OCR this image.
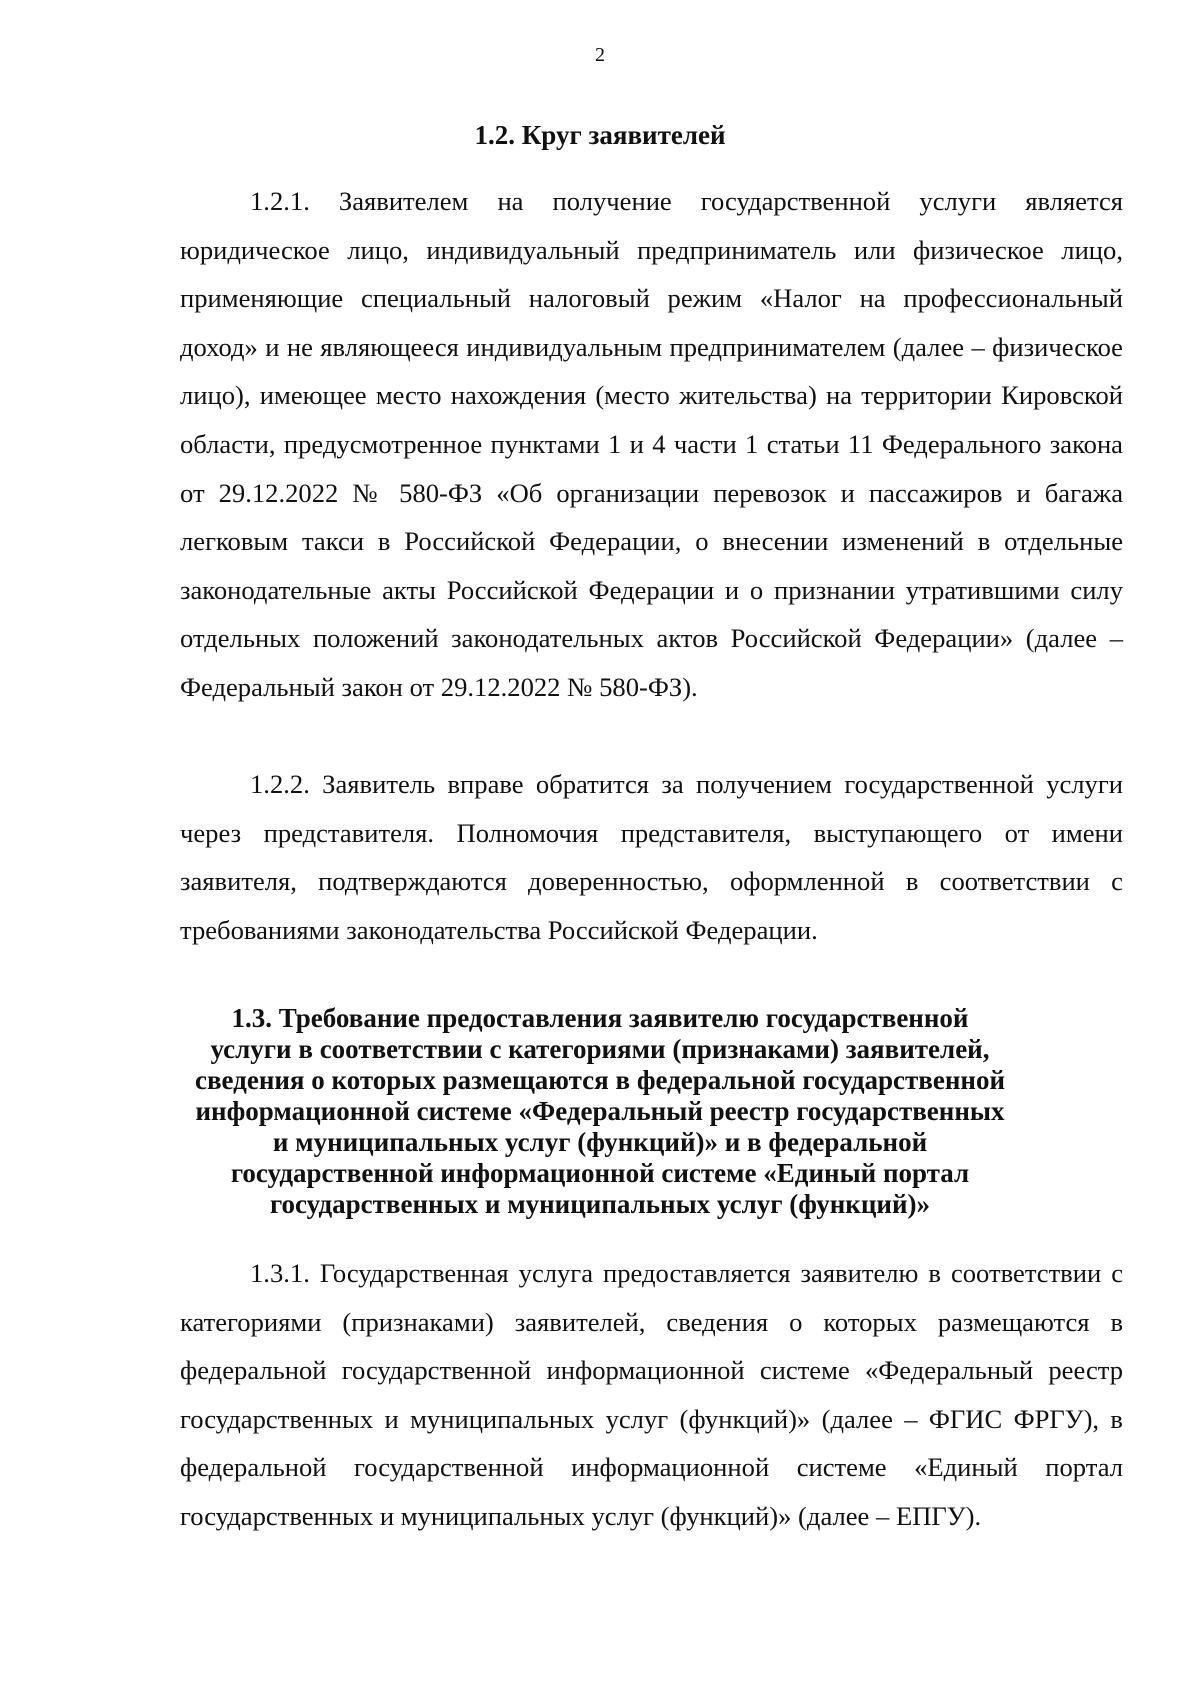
2
1.2. Круг заявителей
1.2.1. Заявителем на получение государственной услуги является юридическое лицо, индивидуальный предприниматель или физическое лицо, применяющие специальный налоговый режим «Налог на профессиональный доход» и не являющееся индивидуальным предпринимателем (далее – физическое лицо), имеющее место нахождения (место жительства) на территории Кировской области, предусмотренное пунктами 1 и 4 части 1 статьи 11 Федерального закона от 29.12.2022 № 580-ФЗ «Об организации перевозок и пассажиров и багажа легковым такси в Российской Федерации, о внесении изменений в отдельные законодательные акты Российской Федерации и о признании утратившими силу отдельных положений законодательных актов Российской Федерации» (далее – Федеральный закон от 29.12.2022 № 580-ФЗ).
1.2.2. Заявитель вправе обратится за получением государственной услуги через представителя. Полномочия представителя, выступающего от имени заявителя, подтверждаются доверенностью, оформленной в соответствии с требованиями законодательства Российской Федерации.
1.3. Требование предоставления заявителю государственной
услуги в соответствии с категориями (признаками) заявителей,
сведения о которых размещаются в федеральной государственной
информационной системе «Федеральный реестр государственных
и муниципальных услуг (функций)» и в федеральной
государственной информационной системе «Единый портал
государственных и муниципальных услуг (функций)»
1.3.1. Государственная услуга предоставляется заявителю в соответствии с категориями (признаками) заявителей, сведения о которых размещаются в федеральной государственной информационной системе «Федеральный реестр государственных и муниципальных услуг (функций)» (далее – ФГИС ФРГУ), в федеральной государственной информационной системе «Единый портал государственных и муниципальных услуг (функций)» (далее – ЕПГУ).
